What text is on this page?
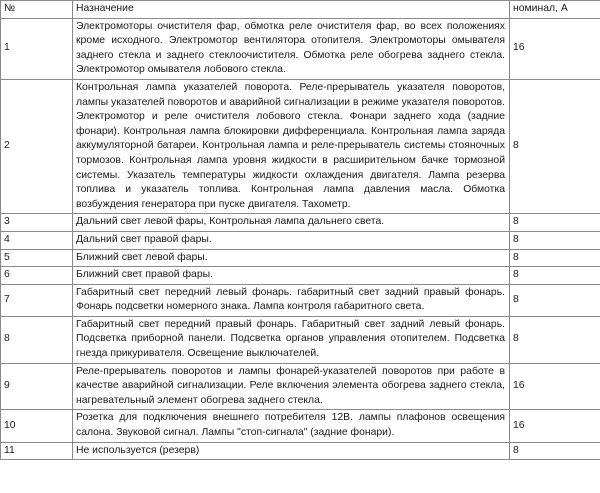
№	Назначение	номинал, А
1	Электромоторы очистителя фар, обмотка реле очистителя фар, во всех положениях кроме исходного. Электромотор вентилятора отопителя. Электромоторы омывателя заднего стекла и заднего стеклоочистителя. Обмотка реле обогрева заднего стекла. Электромотор омывателя лобового стекла.	16
2	Контрольная лампа указателей поворота. Реле-прерыватель указателя поворотов, лампы указателей поворотов и аварийной сигнализации в режиме указателя поворотов. Электромотор и реле очистителя лобового стекла. Фонари заднего хода (задние фонари). Контрольная лампа блокировки дифференциала. Контрольная лампа заряда аккумуляторной батареи. Контрольная лампа и реле-прерыватель системы стояночных тормозов. Контрольная лампа уровня жидкости в расширительном бачке тормозной системы. Указатель температуры жидкости охлаждения двигателя. Лампа резерва топлива и указатель топлива. Контрольная лампа давления масла. Обмотка возбуждения генератора при пуске двигателя. Тахометр.	8
3	Дальний свет левой фары, Контрольная лампа дальнего света.	8
4	Дальний свет правой фары.	8
5	Ближний свет левой фары.	8
6	Ближний свет правой фары.	8
7	Габаритный свет передний левый фонарь. габаритный свет задний правый фонарь. Фонарь подсветки номерного знака. Лампа контроля габаритного света.	8
8	Габаритный свет передний правый фонарь. Габаритный свет задний левый фонарь. Подсветка приборной панели. Подсветка органов управления отопителем. Подсветка гнезда прикуривателя. Освещение выключателей.	8
9	Реле-прерыватель поворотов и лампы фонарей-указателей поворотов при работе в качестве аварийной сигнализации. Реле включения элемента обогрева заднего стекла, нагревательный элемент обогрева заднего стекла.	16
10	Розетка для подключения внешнего потребителя 12В. лампы плафонов освещения салона. Звуковой сигнал. Лампы "стоп-сигнала" (задние фонари).	16
11	Не используется (резерв)	8
